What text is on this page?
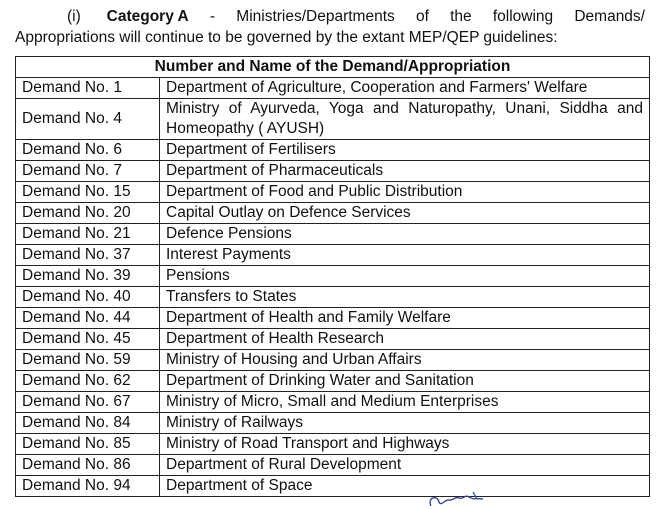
(i) Category A - Ministries/Departments of the following Demands/
Appropriations will continue to be governed by the extant MEP/QEP guidelines:
Number and Name of the Demand/Appropriation	
Demand No. 1	Department of Agriculture, Cooperation and Farmers' Welfare
Demand No. 4	Ministry of Ayurveda, Yoga and Naturopathy, Unani, Siddha and Homeopathy ( AYUSH)
Demand No. 6	Department of Fertilisers
Demand No. 7	Department of Pharmaceuticals
Demand No. 15	Department of Food and Public Distribution
Demand No. 20	Capital Outlay on Defence Services
Demand No. 21	Defence Pensions
Demand No. 37	Interest Payments
Demand No. 39	Pensions
Demand No. 40	Transfers to States
Demand No. 44	Department of Health and Family Welfare
Demand No. 45	Department of Health Research
Demand No. 59	Ministry of Housing and Urban Affairs
Demand No. 62	Department of Drinking Water and Sanitation
Demand No. 67	Ministry of Micro, Small and Medium Enterprises
Demand No. 84	Ministry of Railways
Demand No. 85	Ministry of Road Transport and Highways
Demand No. 86	Department of Rural Development
Demand No. 94	Department of Space
